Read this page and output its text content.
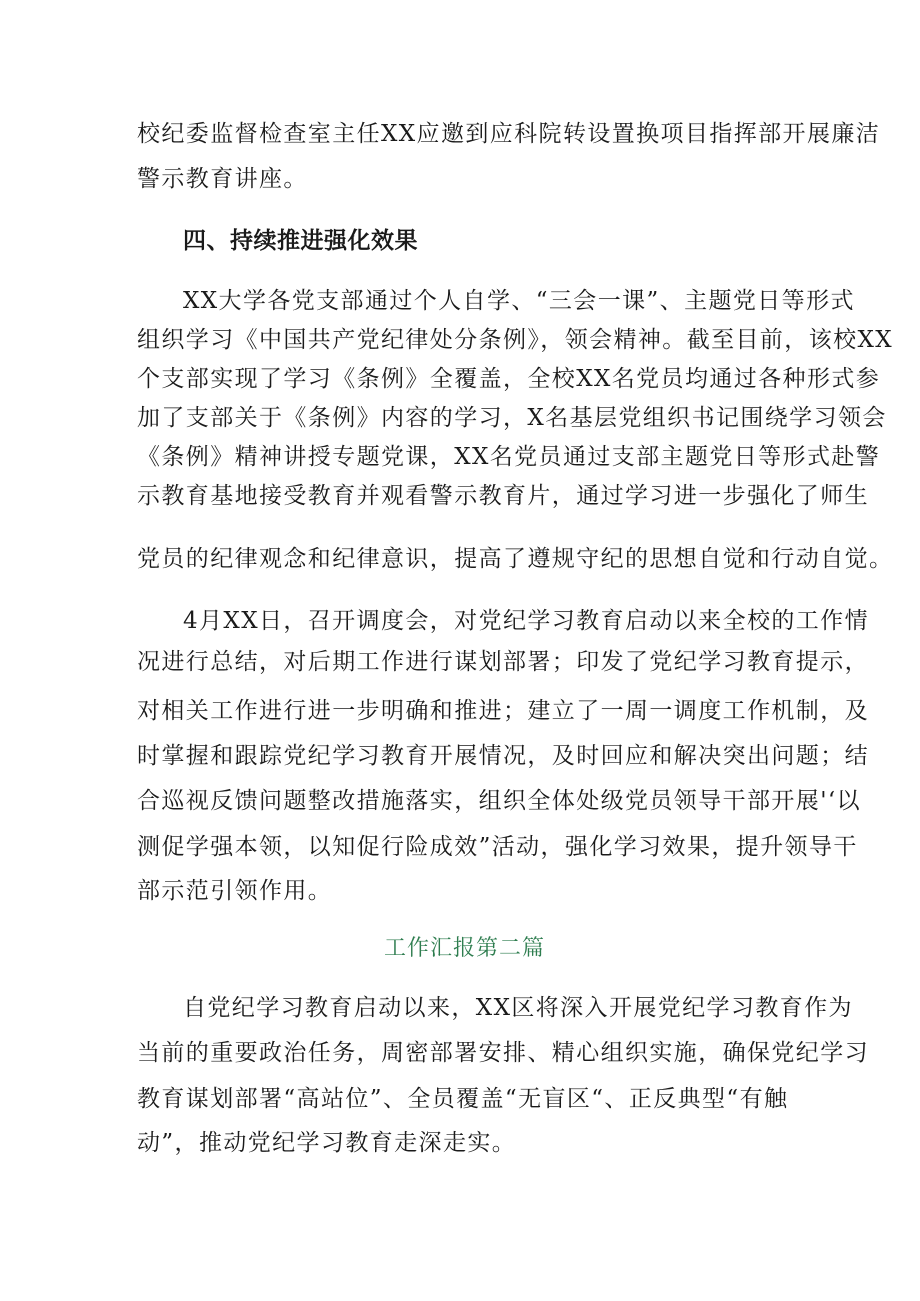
校纪委监督检查室主任XX应邀到应科院转设置换项目指挥部开展廉洁
警示教育讲座。
四、持续推进强化效果
XX大学各党支部通过个人自学、“三会一课”、主题党日等形式
组织学习《中国共产党纪律处分条例》，领会精神。截至目前，该校XX
个支部实现了学习《条例》全覆盖，全校XX名党员均通过各种形式参
加了支部关于《条例》内容的学习，X名基层党组织书记围绕学习领会
《条例》精神讲授专题党课，XX名党员通过支部主题党日等形式赴警
示教育基地接受教育并观看警示教育片，通过学习进一步强化了师生
党员的纪律观念和纪律意识，提高了遵规守纪的思想自觉和行动自觉。
4月XX日，召开调度会，对党纪学习教育启动以来全校的工作情
况进行总结，对后期工作进行谋划部署；印发了党纪学习教育提示，
对相关工作进行进一步明确和推进；建立了一周一调度工作机制，及
时掌握和跟踪党纪学习教育开展情况，及时回应和解决突出问题；结
合巡视反馈问题整改措施落实，组织全体处级党员领导干部开展'‘以
测促学强本领，以知促行险成效”活动，强化学习效果，提升领导干
部示范引领作用。
工作汇报第二篇
自党纪学习教育启动以来，XX区将深入开展党纪学习教育作为
当前的重要政治任务，周密部署安排、精心组织实施，确保党纪学习
教育谋划部署“高站位”、全员覆盖“无盲区“、正反典型“有触
动”，推动党纪学习教育走深走实。
